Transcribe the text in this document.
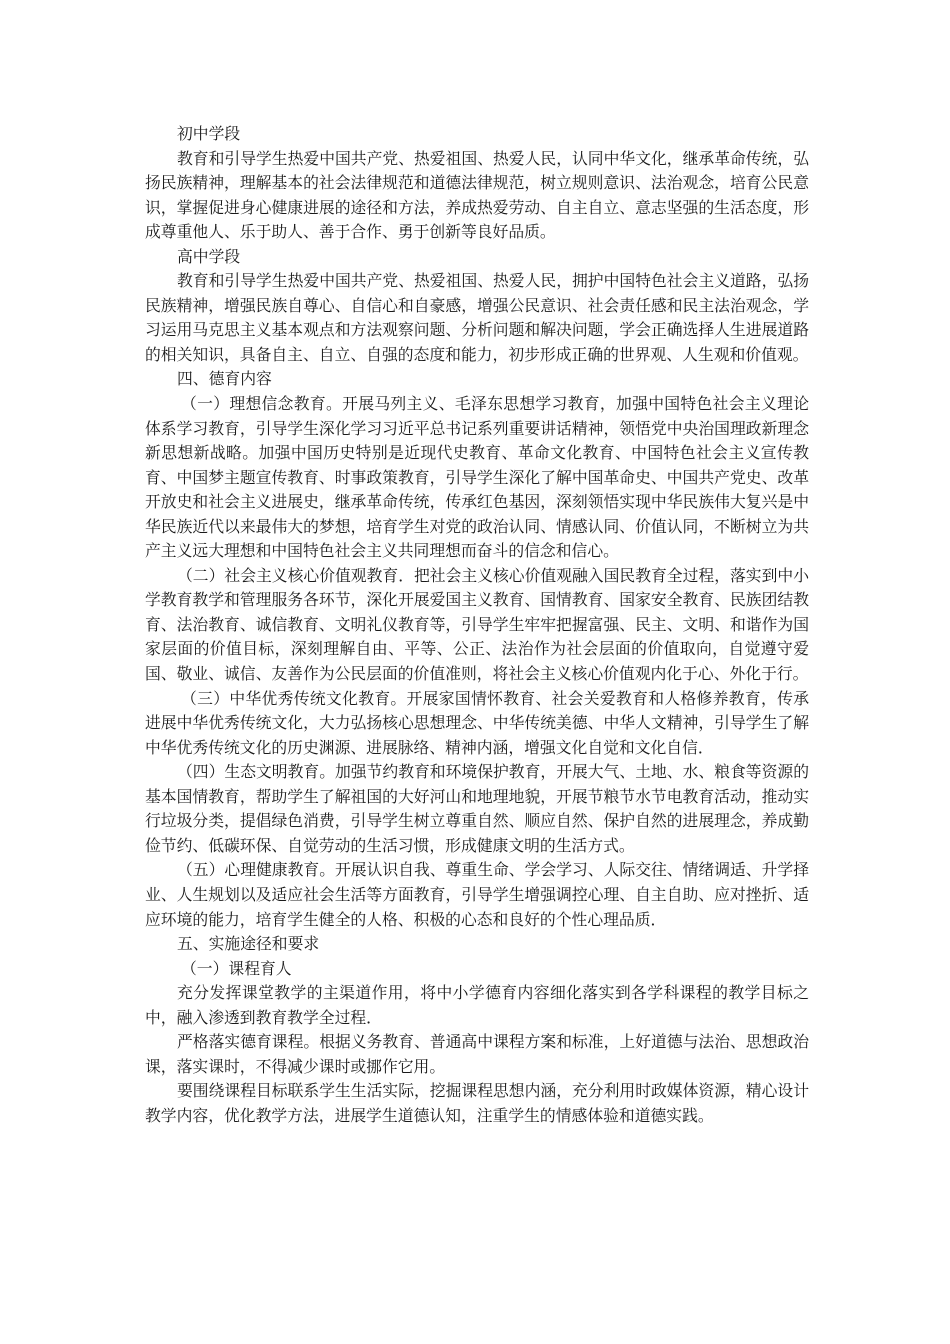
初中学段

教育和引导学生热爱中国共产党、热爱祖国、热爱人民，认同中华文化，继承革命传统，弘扬民族精神，理解基本的社会法律规范和道德法律规范，树立规则意识、法治观念，培育公民意识，掌握促进身心健康进展的途径和方法，养成热爱劳动、自主自立、意志坚强的生活态度，形成尊重他人、乐于助人、善于合作、勇于创新等良好品质。

高中学段

教育和引导学生热爱中国共产党、热爱祖国、热爱人民，拥护中国特色社会主义道路，弘扬民族精神，增强民族自尊心、自信心和自豪感，增强公民意识、社会责任感和民主法治观念，学习运用马克思主义基本观点和方法观察问题、分析问题和解决问题，学会正确选择人生进展道路的相关知识，具备自主、自立、自强的态度和能力，初步形成正确的世界观、人生观和价值观。

四、德育内容

（一）理想信念教育。开展马列主义、毛泽东思想学习教育，加强中国特色社会主义理论体系学习教育，引导学生深化学习习近平总书记系列重要讲话精神，领悟党中央治国理政新理念新思想新战略。加强中国历史特别是近现代史教育、革命文化教育、中国特色社会主义宣传教育、中国梦主题宣传教育、时事政策教育，引导学生深化了解中国革命史、中国共产党史、改革开放史和社会主义进展史，继承革命传统，传承红色基因，深刻领悟实现中华民族伟大复兴是中华民族近代以来最伟大的梦想，培育学生对党的政治认同、情感认同、价值认同，不断树立为共产主义远大理想和中国特色社会主义共同理想而奋斗的信念和信心。

（二）社会主义核心价值观教育．把社会主义核心价值观融入国民教育全过程，落实到中小学教育教学和管理服务各环节，深化开展爱国主义教育、国情教育、国家安全教育、民族团结教育、法治教育、诚信教育、文明礼仪教育等，引导学生牢牢把握富强、民主、文明、和谐作为国家层面的价值目标，深刻理解自由、平等、公正、法治作为社会层面的价值取向，自觉遵守爱国、敬业、诚信、友善作为公民层面的价值准则，将社会主义核心价值观内化于心、外化于行。

（三）中华优秀传统文化教育。开展家国情怀教育、社会关爱教育和人格修养教育，传承进展中华优秀传统文化，大力弘扬核心思想理念、中华传统美德、中华人文精神，引导学生了解中华优秀传统文化的历史渊源、进展脉络、精神内涵，增强文化自觉和文化自信．

（四）生态文明教育。加强节约教育和环境保护教育，开展大气、土地、水、粮食等资源的基本国情教育，帮助学生了解祖国的大好河山和地理地貌，开展节粮节水节电教育活动，推动实行垃圾分类，提倡绿色消费，引导学生树立尊重自然、顺应自然、保护自然的进展理念，养成勤俭节约、低碳环保、自觉劳动的生活习惯，形成健康文明的生活方式。

（五）心理健康教育。开展认识自我、尊重生命、学会学习、人际交往、情绪调适、升学择业、人生规划以及适应社会生活等方面教育，引导学生增强调控心理、自主自助、应对挫折、适应环境的能力，培育学生健全的人格、积极的心态和良好的个性心理品质．

五、实施途径和要求

（一）课程育人

充分发挥课堂教学的主渠道作用，将中小学德育内容细化落实到各学科课程的教学目标之中，融入渗透到教育教学全过程．

严格落实德育课程。根据义务教育、普通高中课程方案和标准，上好道德与法治、思想政治课，落实课时，不得减少课时或挪作它用。

要围绕课程目标联系学生生活实际，挖掘课程思想内涵，充分利用时政媒体资源，精心设计教学内容，优化教学方法，进展学生道德认知，注重学生的情感体验和道德实践。
